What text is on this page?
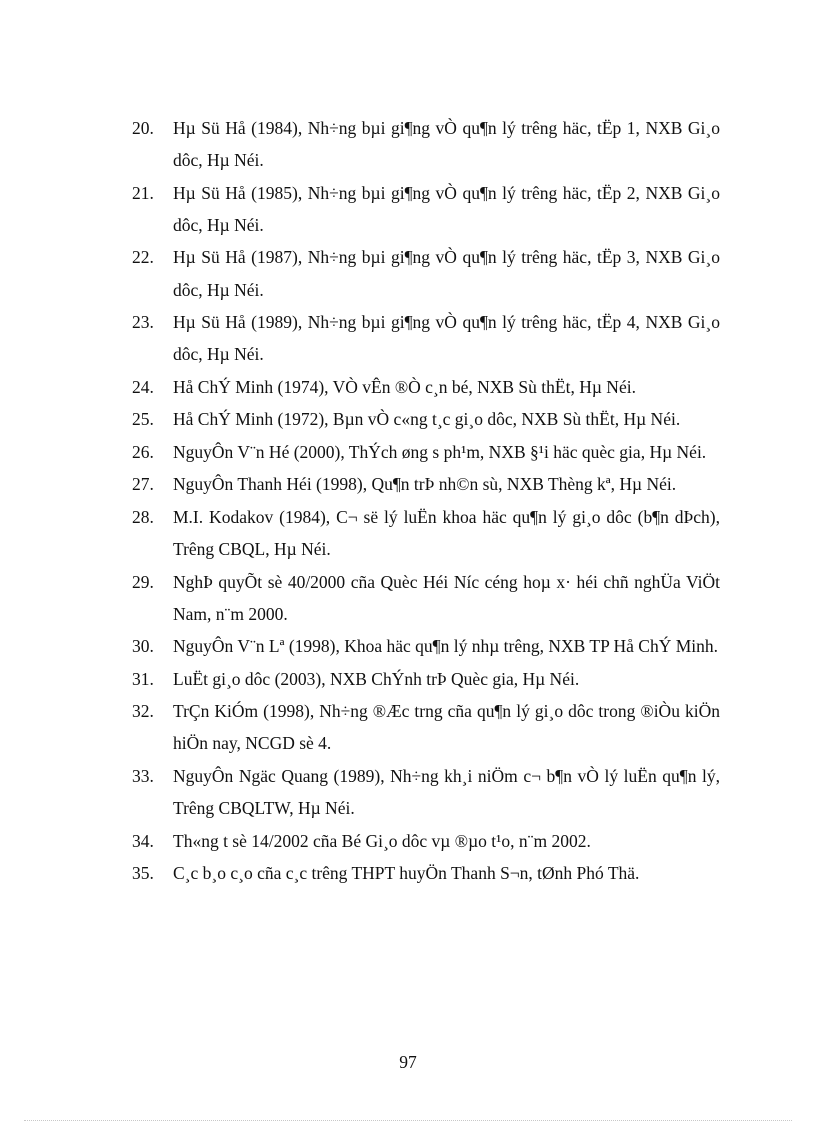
20.	Hµ Sü Hå (1984), Nh÷ng bµi gi¶ng vÒ qu¶n lý trêng häc, tËp 1, NXB Gi¸o dôc, Hµ Néi.
21.	Hµ Sü Hå (1985), Nh÷ng bµi gi¶ng vÒ qu¶n lý trêng häc, tËp 2, NXB Gi¸o dôc, Hµ Néi.
22.	Hµ Sü Hå (1987), Nh÷ng bµi gi¶ng vÒ qu¶n lý trêng häc, tËp 3, NXB Gi¸o dôc, Hµ Néi.
23.	Hµ Sü Hå (1989), Nh÷ng bµi gi¶ng vÒ qu¶n lý trêng häc, tËp 4, NXB Gi¸o dôc, Hµ Néi.
24.	Hå ChÝ Minh (1974), VÒ vÊn ®Ò c¸n bé, NXB Sù thËt, Hµ Néi.
25.	Hå ChÝ Minh (1972), Bµn vÒ c«ng t¸c gi¸o dôc, NXB Sù thËt, Hµ Néi.
26.	NguyÔn V¨n Hé (2000), ThÝch øng s ph¹m, NXB §¹i häc quèc gia, Hµ Néi.
27.	NguyÔn Thanh Héi (1998), Qu¶n trÞ nh©n sù, NXB Thèng kª, Hµ Néi.
28.	M.I. Kodakov (1984), C¬ së lý luËn khoa häc qu¶n lý gi¸o dôc (b¶n dÞch), Trêng CBQL, Hµ Néi.
29.	NghÞ quyÕt sè 40/2000 cña Quèc Héi Níc céng hoµ x· héi chñ nghÜa ViÖt Nam, n¨m 2000.
30.	NguyÔn V¨n Lª (1998), Khoa häc qu¶n lý nhµ trêng, NXB TP Hå ChÝ Minh.
31.	LuËt gi¸o dôc (2003), NXB ChÝnh trÞ Quèc gia, Hµ Néi.
32.	TrÇn KiÓm (1998), Nh÷ng ®Æc trng cña qu¶n lý gi¸o dôc trong ®iÒu kiÖn hiÖn nay, NCGD sè 4.
33.	NguyÔn Ngäc Quang (1989), Nh÷ng kh¸i niÖm c¬ b¶n vÒ lý luËn qu¶n lý, Trêng CBQLTW, Hµ Néi.
34.	Th«ng t sè 14/2002 cña Bé Gi¸o dôc vµ ®µo t¹o, n¨m 2002.
35.	C¸c b¸o c¸o cña c¸c trêng THPT huyÖn Thanh S¬n, tØnh Phó Thä.
97
